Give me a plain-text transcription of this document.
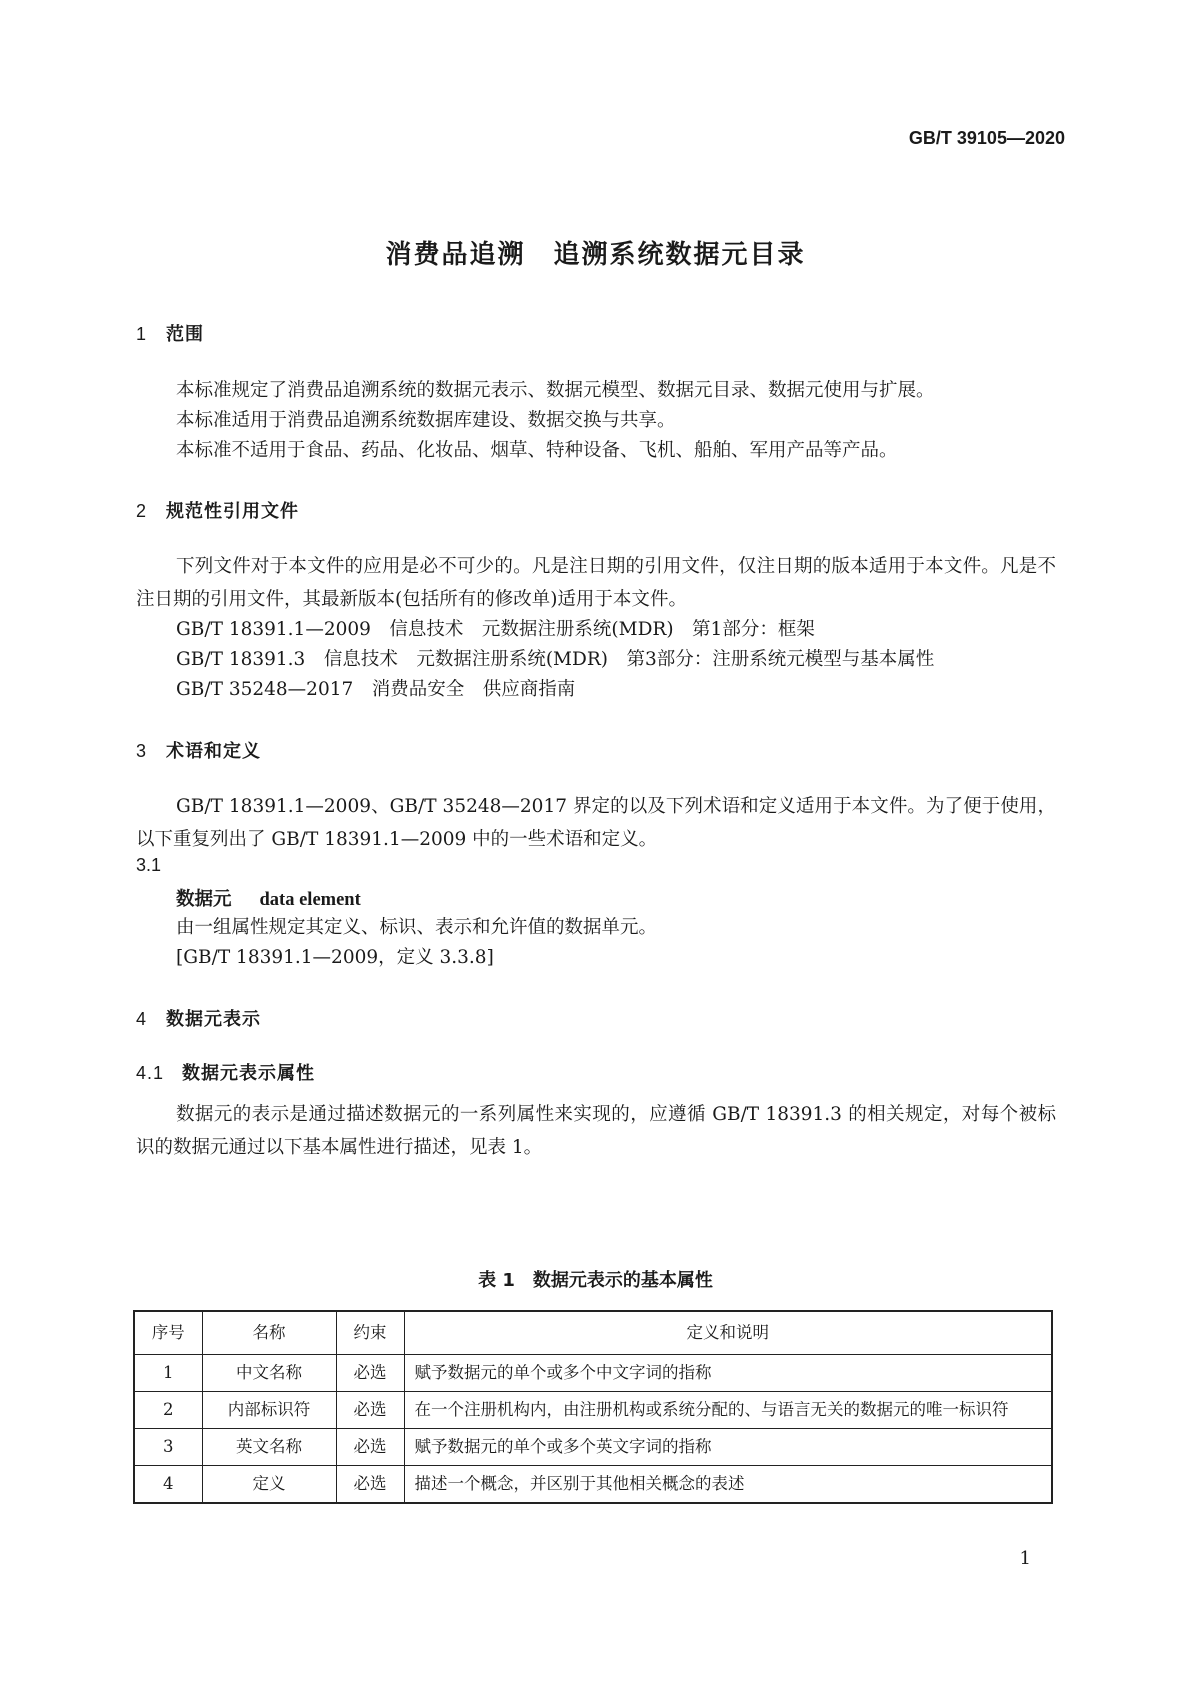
GB/T 39105—2020
消费品追溯　追溯系统数据元目录
1 范围
本标准规定了消费品追溯系统的数据元表示、数据元模型、数据元目录、数据元使用与扩展。
本标准适用于消费品追溯系统数据库建设、数据交换与共享。
本标准不适用于食品、药品、化妆品、烟草、特种设备、飞机、船舶、军用产品等产品。
2 规范性引用文件
下列文件对于本文件的应用是必不可少的。凡是注日期的引用文件，仅注日期的版本适用于本文件。凡是不注日期的引用文件，其最新版本(包括所有的修改单)适用于本文件。
GB/T 18391.1—2009　信息技术　元数据注册系统(MDR)　第1部分：框架
GB/T 18391.3　信息技术　元数据注册系统(MDR)　第3部分：注册系统元模型与基本属性
GB/T 35248—2017　消费品安全　供应商指南
3 术语和定义
GB/T 18391.1—2009、GB/T 35248—2017 界定的以及下列术语和定义适用于本文件。为了便于使用，以下重复列出了 GB/T 18391.1—2009 中的一些术语和定义。
3.1
数据元 data element
由一组属性规定其定义、标识、表示和允许值的数据单元。
[GB/T 18391.1—2009，定义 3.3.8]
4 数据元表示
4.1 数据元表示属性
数据元的表示是通过描述数据元的一系列属性来实现的，应遵循 GB/T 18391.3 的相关规定，对每个被标识的数据元通过以下基本属性进行描述，见表 1。
表 1　数据元表示的基本属性
序号	名称	约束	定义和说明
1	中文名称	必选	赋予数据元的单个或多个中文字词的指称
2	内部标识符	必选	在一个注册机构内，由注册机构或系统分配的、与语言无关的数据元的唯一标识符
3	英文名称	必选	赋予数据元的单个或多个英文字词的指称
4	定义	必选	描述一个概念，并区别于其他相关概念的表述
1
